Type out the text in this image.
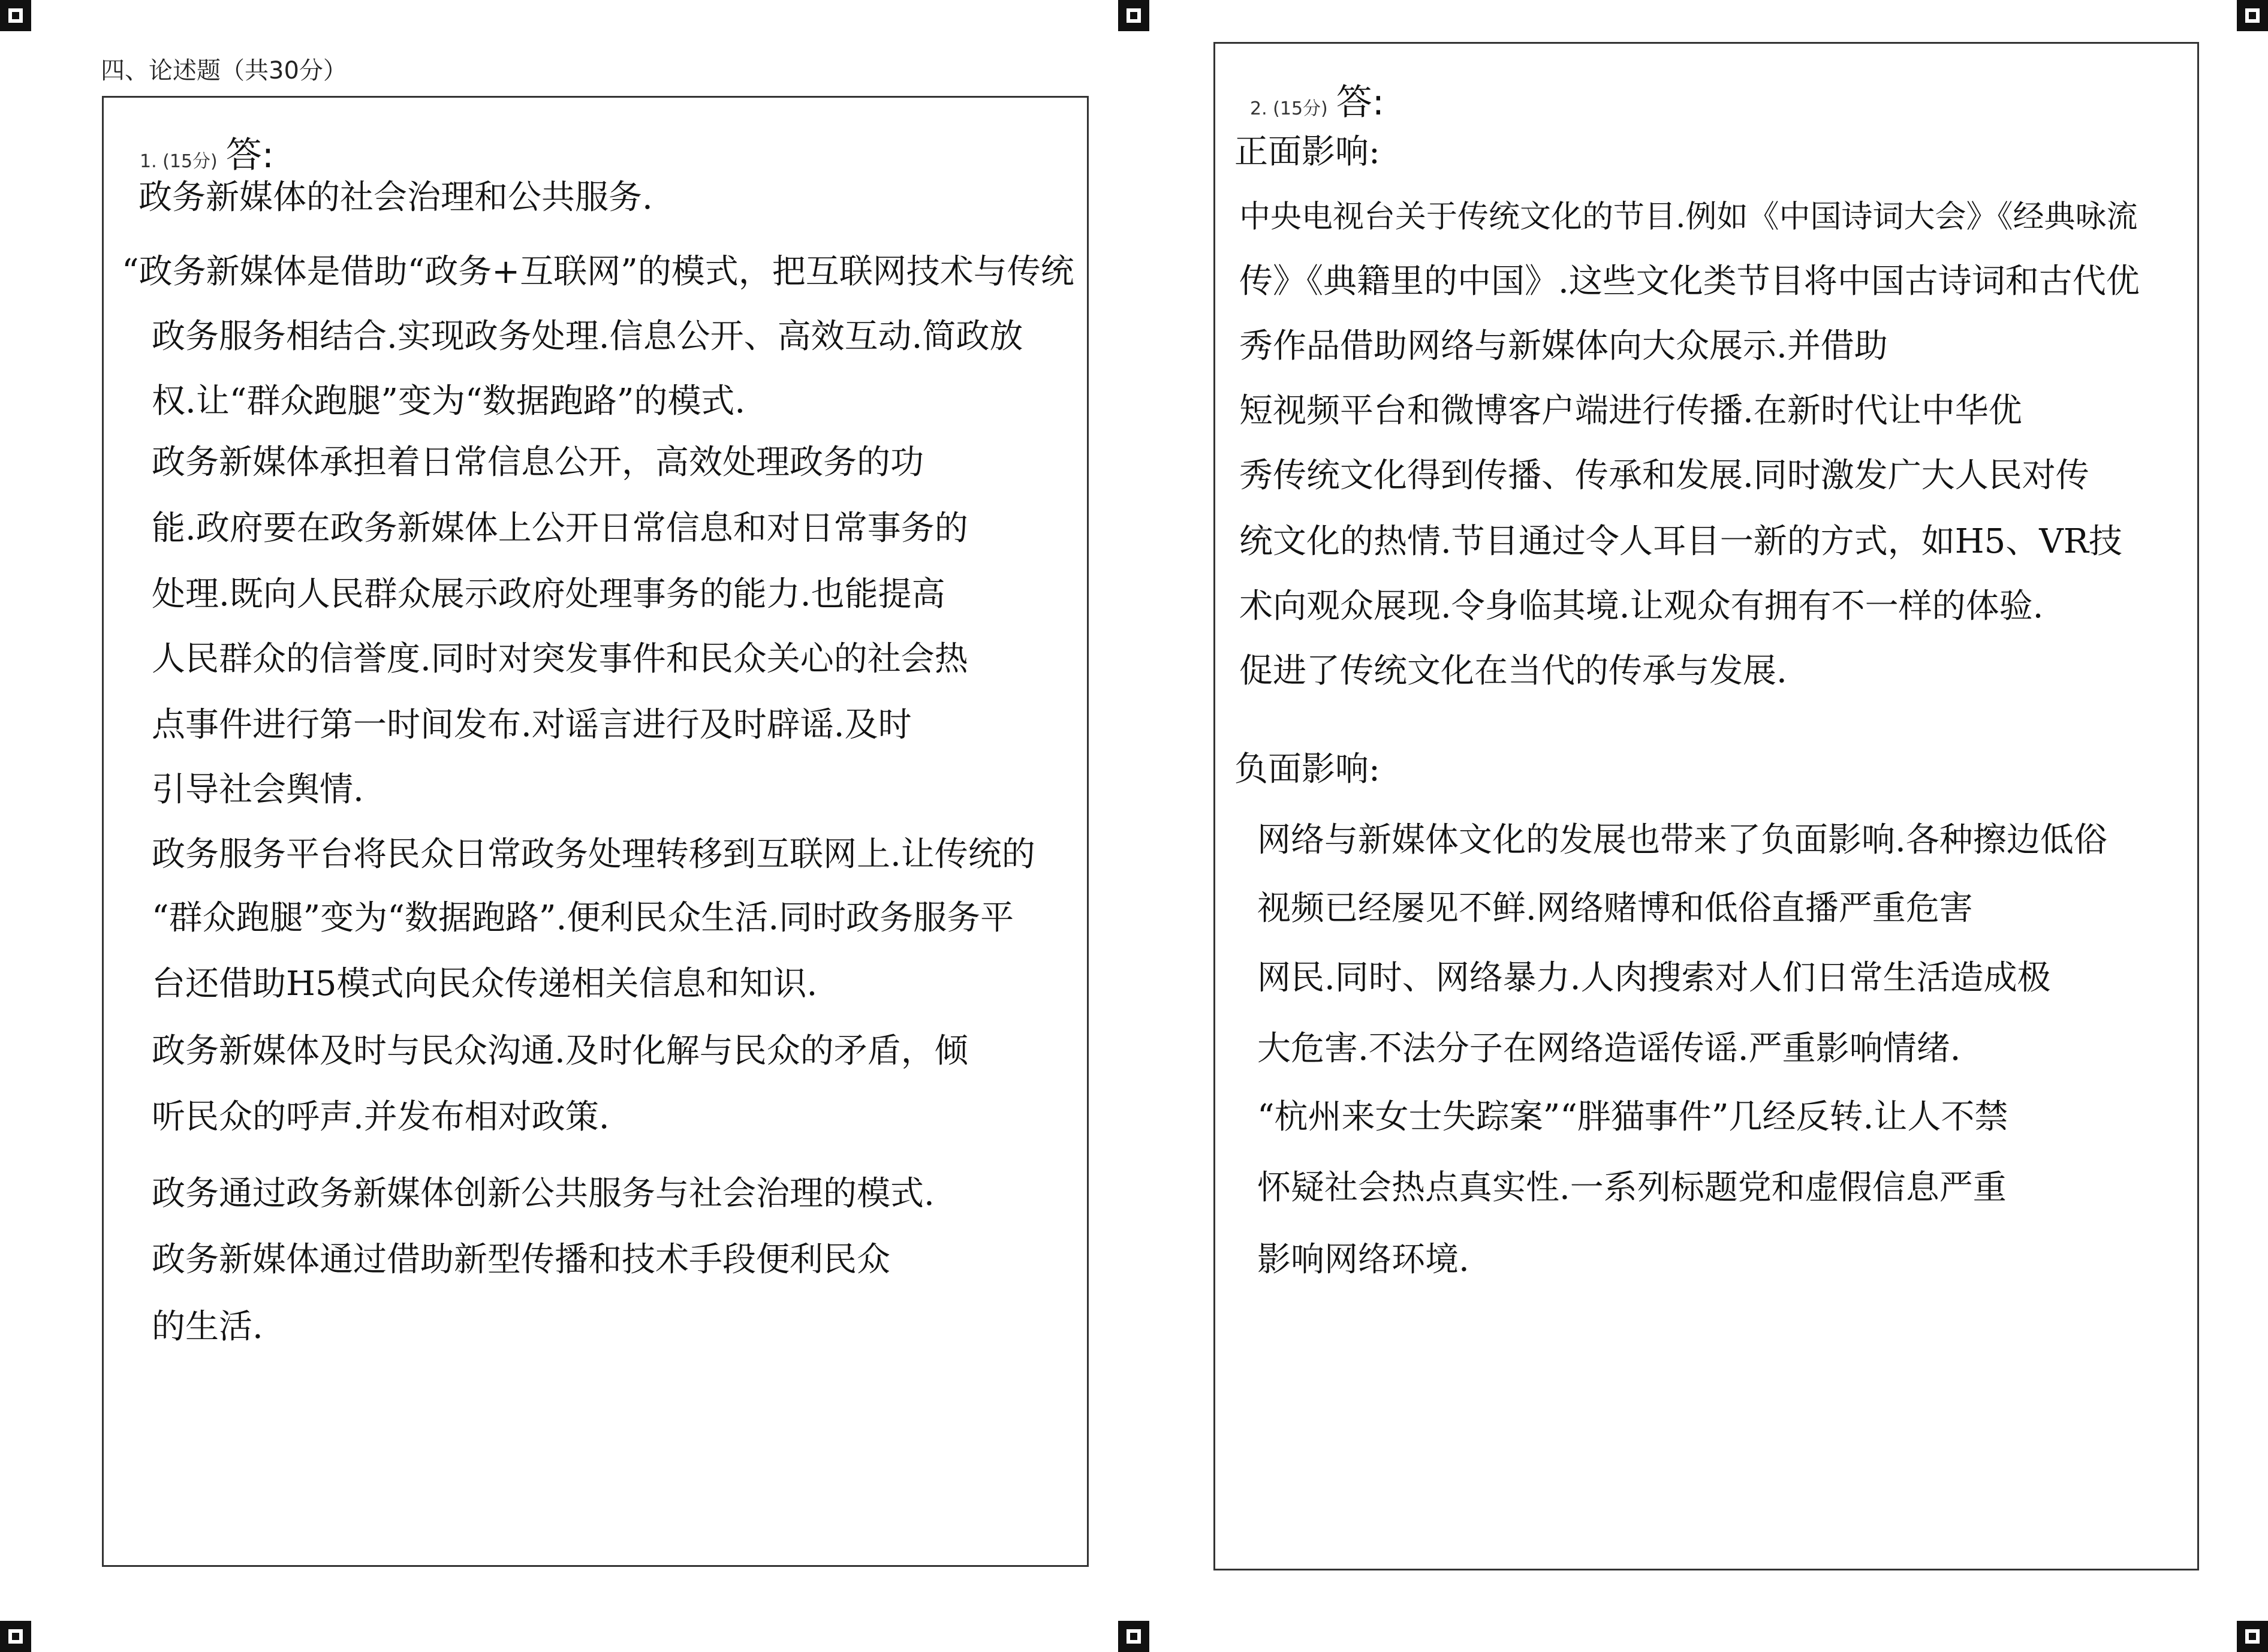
四、论述题（共30分）
1. (15分) 答:
政务新媒体的社会治理和公共服务.
“政务新媒体是借助“政务+互联网”的模式，把互联网技术与传统
政务服务相结合.实现政务处理.信息公开、高效互动.简政放
权.让“群众跑腿”变为“数据跑路”的模式.
政务新媒体承担着日常信息公开，高效处理政务的功
能.政府要在政务新媒体上公开日常信息和对日常事务的
处理.既向人民群众展示政府处理事务的能力.也能提高
人民群众的信誉度.同时对突发事件和民众关心的社会热
点事件进行第一时间发布.对谣言进行及时辟谣.及时
引导社会舆情.
政务服务平台将民众日常政务处理转移到互联网上.让传统的
“群众跑腿”变为“数据跑路”.便利民众生活.同时政务服务平
台还借助H5模式向民众传递相关信息和知识.
政务新媒体及时与民众沟通.及时化解与民众的矛盾，倾
听民众的呼声.并发布相对政策.
政务通过政务新媒体创新公共服务与社会治理的模式.
政务新媒体通过借助新型传播和技术手段便利民众
的生活.
2. (15分) 答:
正面影响:
中央电视台关于传统文化的节目.例如《中国诗词大会》《经典咏流
传》《典籍里的中国》.这些文化类节目将中国古诗词和古代优
秀作品借助网络与新媒体向大众展示.并借助
短视频平台和微博客户端进行传播.在新时代让中华优
秀传统文化得到传播、传承和发展.同时激发广大人民对传
统文化的热情.节目通过令人耳目一新的方式，如H5、VR技
术向观众展现.令身临其境.让观众有拥有不一样的体验.
促进了传统文化在当代的传承与发展.
负面影响:
网络与新媒体文化的发展也带来了负面影响.各种擦边低俗
视频已经屡见不鲜.网络赌博和低俗直播严重危害
网民.同时、网络暴力.人肉搜索对人们日常生活造成极
大危害.不法分子在网络造谣传谣.严重影响情绪.
“杭州来女士失踪案”“胖猫事件”几经反转.让人不禁
怀疑社会热点真实性.一系列标题党和虚假信息严重
影响网络环境.
